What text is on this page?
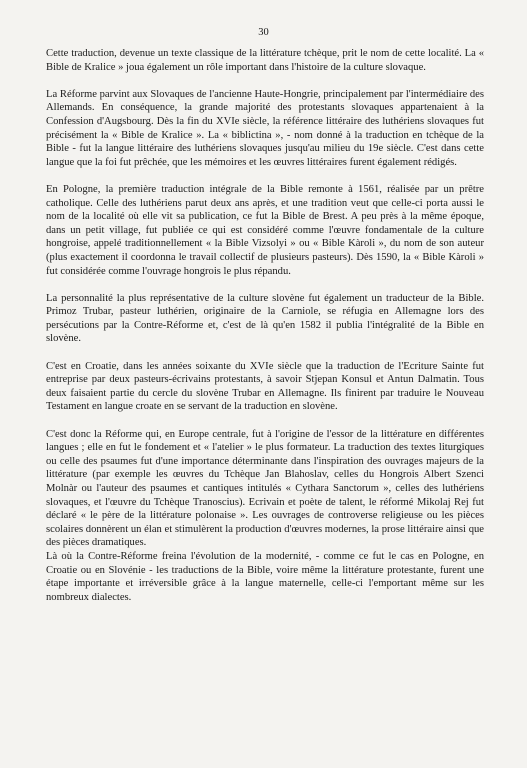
30

Cette traduction, devenue un texte classique de la littérature tchèque, prit le nom de cette localité. La « Bible de Kralice » joua également un rôle important dans l'histoire de la culture slovaque.

La Réforme parvint aux Slovaques de l'ancienne Haute-Hongrie, principalement par l'intermédiaire des Allemands. En conséquence, la grande majorité des protestants slovaques appartenaient à la Confession d'Augsbourg. Dès la fin du XVIe siècle, la référence littéraire des luthériens slovaques fut précisément la « Bible de Kralice ». La « biblictina », - nom donné à la traduction en tchèque de la Bible - fut la langue littéraire des luthériens slovaques jusqu'au milieu du 19e siècle. C'est dans cette langue que la foi fut prêchée, que les mémoires et les œuvres littéraires furent également rédigés.

En Pologne, la première traduction intégrale de la Bible remonte à 1561, réalisée par un prêtre catholique. Celle des luthériens parut deux ans après, et une tradition veut que celle-ci porta aussi le nom de la localité où elle vit sa publication, ce fut la Bible de Brest. A peu près à la même époque, dans un petit village, fut publiée ce qui est considéré comme l'œuvre fondamentale de la culture hongroise, appelé traditionnellement « la Bible Vizsolyi » ou « Bible Kàroli », du nom de son auteur (plus exactement il coordonna le travail collectif de plusieurs pasteurs). Dès 1590, la « Bible Kàroli » fut considérée comme l'ouvrage hongrois le plus répandu.

La personnalité la plus représentative de la culture slovène fut également un traducteur de la Bible. Primoz Trubar, pasteur luthérien, originaire de la Carniole, se réfugia en Allemagne lors des persécutions par la Contre-Réforme et, c'est de là qu'en 1582 il publia l'intégralité de la Bible en slovène.

C'est en Croatie, dans les années soixante du XVIe siècle que la traduction de l'Ecriture Sainte fut entreprise par deux pasteurs-écrivains protestants, à savoir Stjepan Konsul et Antun Dalmatin. Tous deux faisaient partie du cercle du slovène Trubar en Allemagne. Ils finirent par traduire le Nouveau Testament en langue croate en se servant de la traduction en slovène.

C'est donc la Réforme qui, en Europe centrale, fut à l'origine de l'essor de la littérature en différentes langues ; elle en fut le fondement et « l'atelier » le plus formateur. La traduction des textes liturgiques ou celle des psaumes fut d'une importance déterminante dans l'inspiration des ouvrages majeurs de la littérature (par exemple les œuvres du Tchèque Jan Blahoslav, celles du Hongrois Albert Szenci Molnàr ou l'auteur des psaumes et cantiques intitulés « Cythara Sanctorum », celles des luthériens slovaques, et l'œuvre du Tchèque Tranoscius). Ecrivain et poète de talent, le réformé Mikolaj Rej fut déclaré « le père de la littérature polonaise ». Les ouvrages de controverse religieuse ou les pièces scolaires donnèrent un élan et stimulèrent la production d'œuvres modernes, la prose littéraire ainsi que des pièces dramatiques.

Là où la Contre-Réforme freina l'évolution de la modernité, - comme ce fut le cas en Pologne, en Croatie ou en Slovénie - les traductions de la Bible, voire même la littérature protestante, furent une étape importante et irréversible grâce à la langue maternelle, celle-ci l'emportant même sur les nombreux dialectes.
